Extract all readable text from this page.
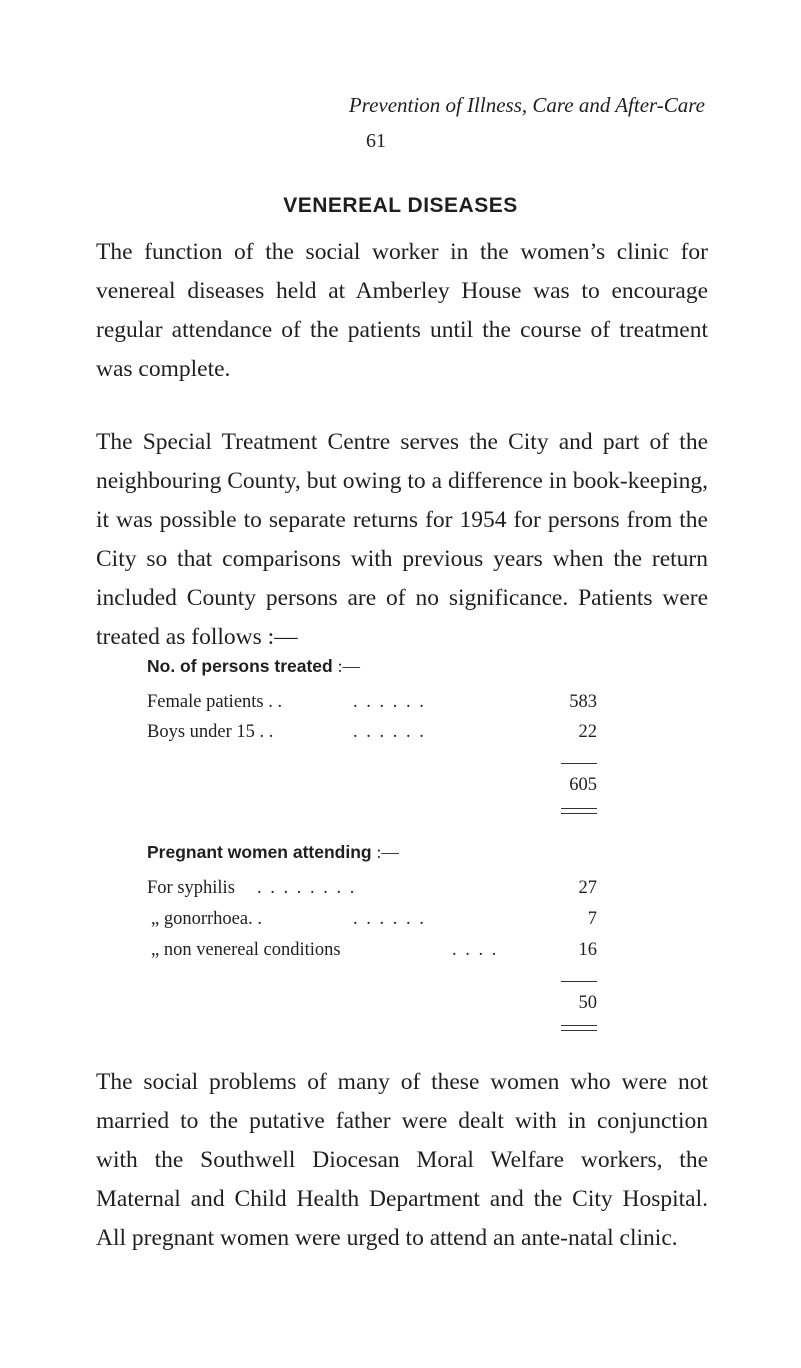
Prevention of Illness, Care and After-Care
61
VENEREAL DISEASES

The function of the social worker in the women’s clinic for venereal diseases held at Amberley House was to encourage regular attendance of the patients until the course of treatment was complete.

The Special Treatment Centre serves the City and part of the neighbouring County, but owing to a difference in book-keeping, it was possible to separate returns for 1954 for persons from the City so that comparisons with previous years when the return included County persons are of no significance. Patients were treated as follows :—

No. of persons treated :—
Female patients . .	. . . . . .	583
Boys under 15 . .	. . . . . .	22
605
Pregnant women attending :—
For syphilis . . . . . . . .	27
„ gonorrhoea. .	. . . . . .	7
„ non venereal conditions	. . . .	16
50

The social problems of many of these women who were not married to the putative father were dealt with in conjunction with the Southwell Diocesan Moral Welfare workers, the Maternal and Child Health Department and the City Hospital. All pregnant women were urged to attend an ante-natal clinic.
